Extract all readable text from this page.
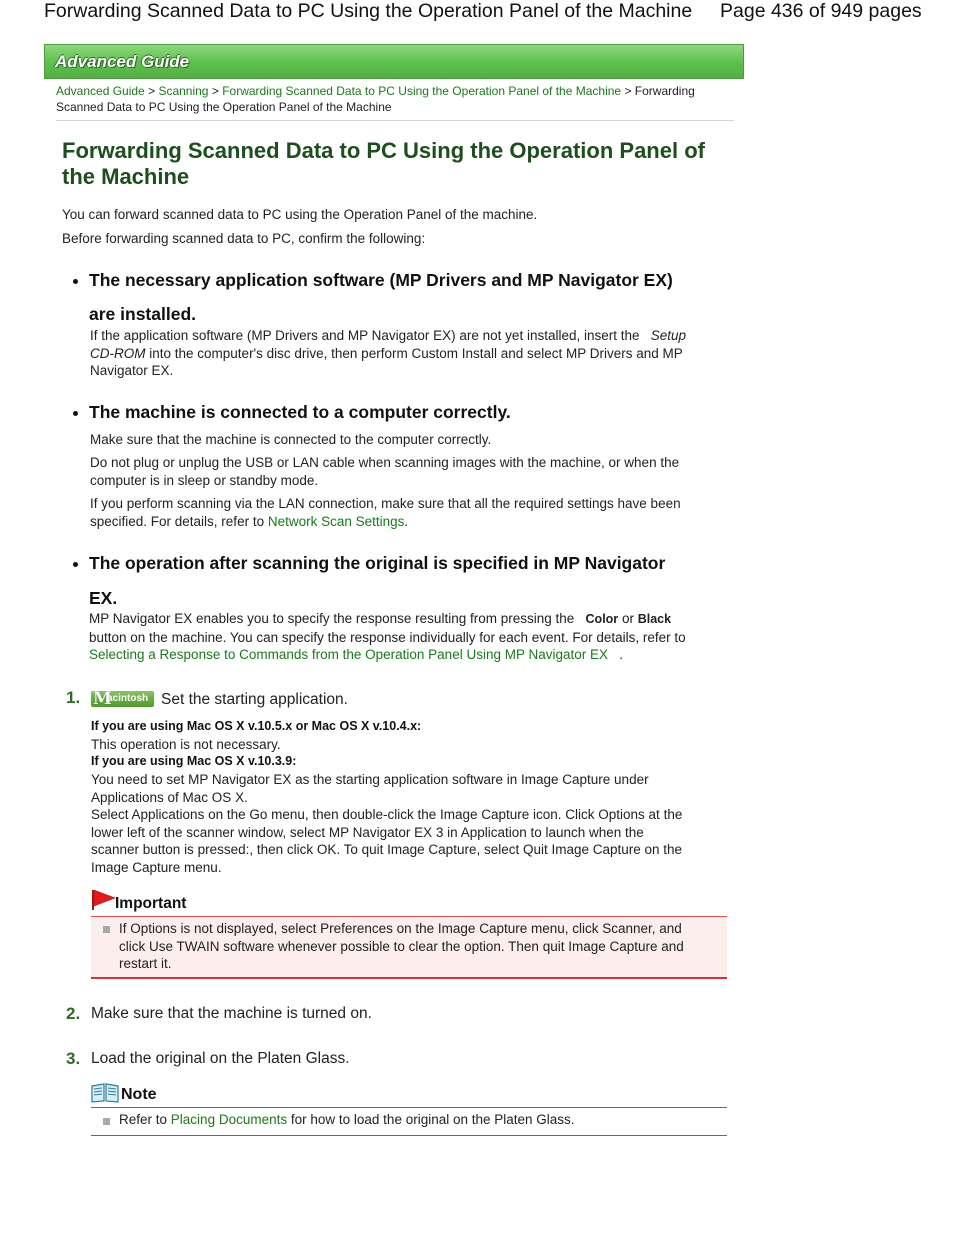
Forwarding Scanned Data to PC Using the Operation Panel of the Machine Page 436 of 949 pages
Advanced Guide
Advanced Guide > Scanning > Forwarding Scanned Data to PC Using the Operation Panel of the Machine > Forwarding
Scanned Data to PC Using the Operation Panel of the Machine
Forwarding Scanned Data to PC Using the Operation Panel of
the Machine
You can forward scanned data to PC using the Operation Panel of the machine.
Before forwarding scanned data to PC, confirm the following:
The necessary application software (MP Drivers and MP Navigator EX)
are installed.
If the application software (MP Drivers and MP Navigator EX) are not yet installed, insert the Setup
CD-ROM into the computer's disc drive, then perform Custom Install and select MP Drivers and MP
Navigator EX.
The machine is connected to a computer correctly.
Make sure that the machine is connected to the computer correctly.
Do not plug or unplug the USB or LAN cable when scanning images with the machine, or when the
computer is in sleep or standby mode.
If you perform scanning via the LAN connection, make sure that all the required settings have been
specified. For details, refer to Network Scan Settings.
The operation after scanning the original is specified in MP Navigator
EX.
MP Navigator EX enables you to specify the response resulting from pressing the Color or Black
button on the machine. You can specify the response individually for each event. For details, refer to
Selecting a Response to Commands from the Operation Panel Using MP Navigator EX .
1. M
acintosh Set the starting application.
If you are using Mac OS X v.10.5.x or Mac OS X v.10.4.x:
This operation is not necessary.
If you are using Mac OS X v.10.3.9:
You need to set MP Navigator EX as the starting application software in Image Capture under
Applications of Mac OS X.
Select Applications on the Go menu, then double-click the Image Capture icon. Click Options at the
lower left of the scanner window, select MP Navigator EX 3 in Application to launch when the
scanner button is pressed:, then click OK. To quit Image Capture, select Quit Image Capture on the
Image Capture menu.
Important
If Options is not displayed, select Preferences on the Image Capture menu, click Scanner, and
click Use TWAIN software whenever possible to clear the option. Then quit Image Capture and
restart it.
2. Make sure that the machine is turned on.
3. Load the original on the Platen Glass.
Note
Refer to Placing Documents for how to load the original on the Platen Glass.
